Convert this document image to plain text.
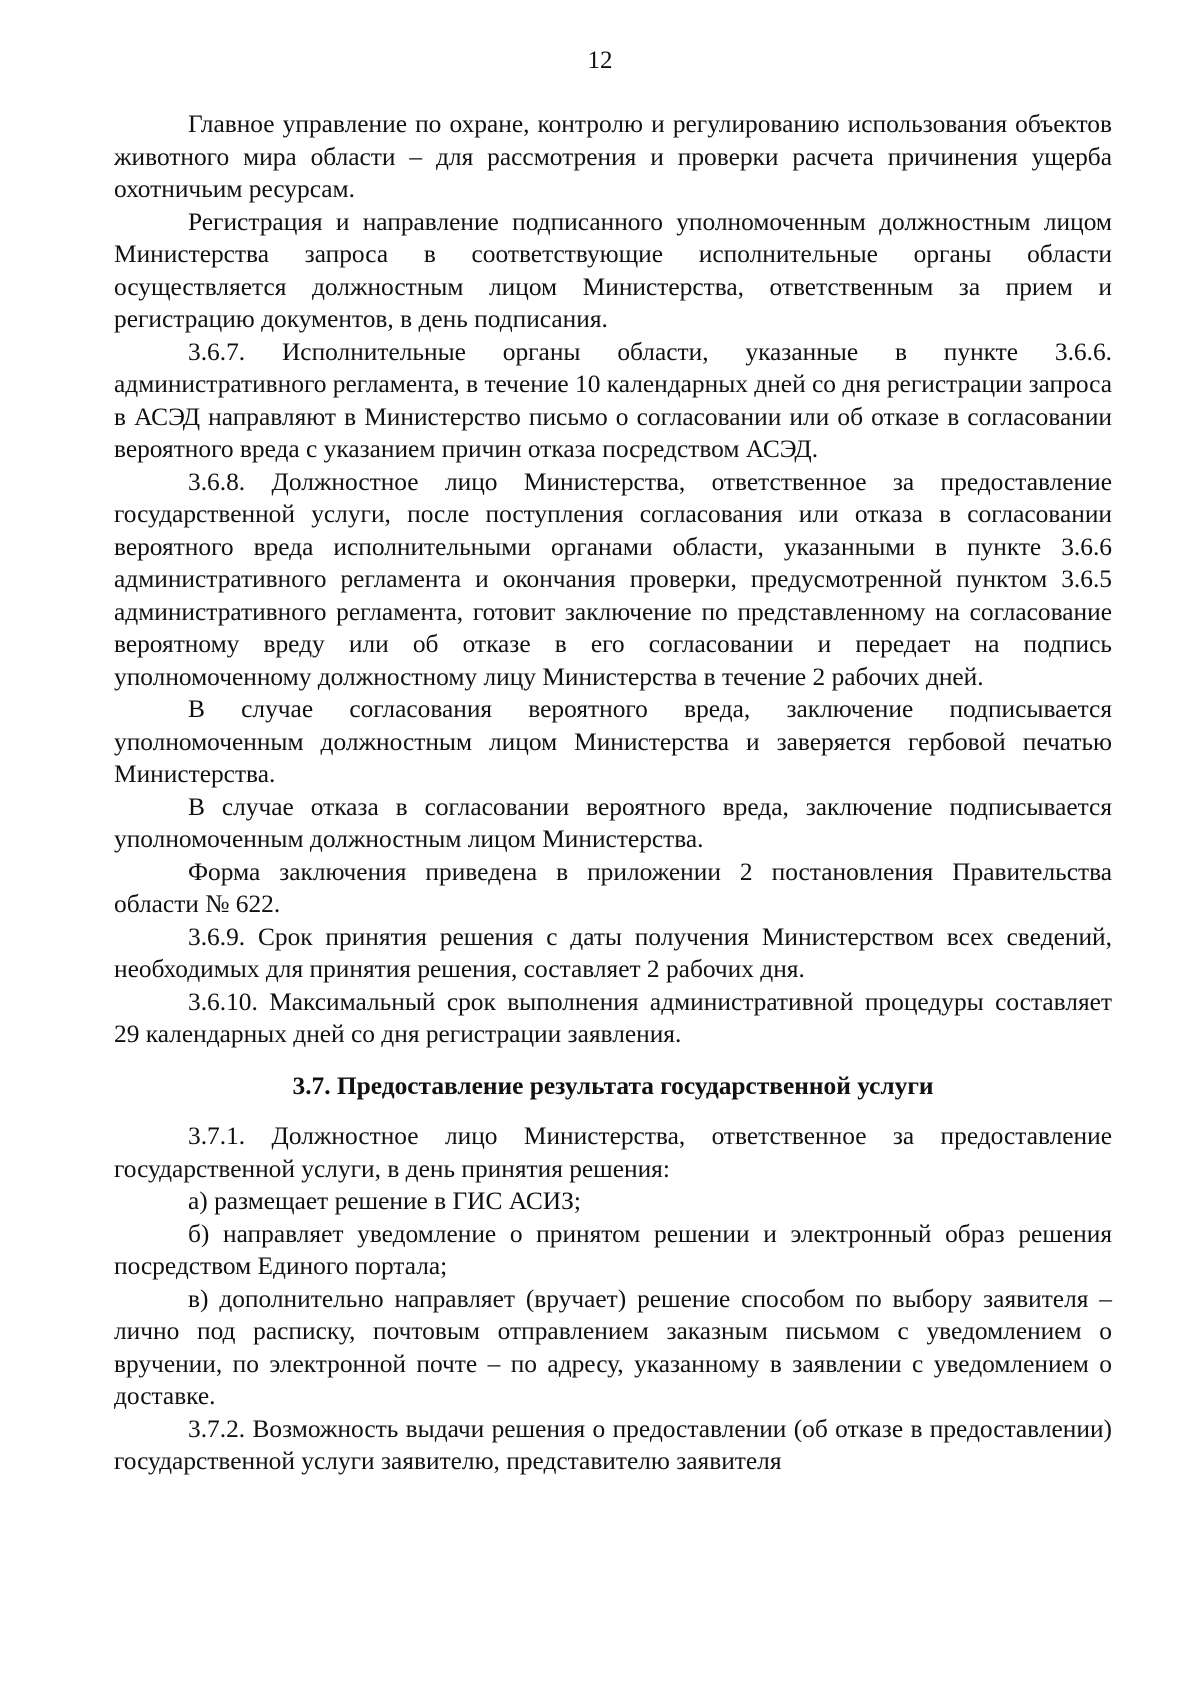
12

Главное управление по охране, контролю и регулированию использования объектов животного мира области – для рассмотрения и проверки расчета причинения ущерба охотничьим ресурсам.

Регистрация и направление подписанного уполномоченным должностным лицом Министерства запроса в соответствующие исполнительные органы области осуществляется должностным лицом Министерства, ответственным за прием и регистрацию документов, в день подписания.

3.6.7. Исполнительные органы области, указанные в пункте 3.6.6. административного регламента, в течение 10 календарных дней со дня регистрации запроса в АСЭД направляют в Министерство письмо о согласовании или об отказе в согласовании вероятного вреда с указанием причин отказа посредством АСЭД.

3.6.8. Должностное лицо Министерства, ответственное за предоставление государственной услуги, после поступления согласования или отказа в согласовании вероятного вреда исполнительными органами области, указанными в пункте 3.6.6 административного регламента и окончания проверки, предусмотренной пунктом 3.6.5 административного регламента, готовит заключение по представленному на согласование вероятному вреду или об отказе в его согласовании и передает на подпись уполномоченному должностному лицу Министерства в течение 2 рабочих дней.

В случае согласования вероятного вреда, заключение подписывается уполномоченным должностным лицом Министерства и заверяется гербовой печатью Министерства.

В случае отказа в согласовании вероятного вреда, заключение подписывается уполномоченным должностным лицом Министерства.

Форма заключения приведена в приложении 2 постановления Правительства области № 622.

3.6.9. Срок принятия решения с даты получения Министерством всех сведений, необходимых для принятия решения, составляет 2 рабочих дня.

3.6.10. Максимальный срок выполнения административной процедуры составляет 29 календарных дней со дня регистрации заявления.

3.7. Предоставление результата государственной услуги

3.7.1. Должностное лицо Министерства, ответственное за предоставление государственной услуги, в день принятия решения:

а) размещает решение в ГИС АСИЗ;

б) направляет уведомление о принятом решении и электронный образ решения посредством Единого портала;

в) дополнительно направляет (вручает) решение способом по выбору заявителя – лично под расписку, почтовым отправлением заказным письмом с уведомлением о вручении, по электронной почте – по адресу, указанному в заявлении с уведомлением о доставке.

3.7.2. Возможность выдачи решения о предоставлении (об отказе в предоставлении) государственной услуги заявителю, представителю заявителя
